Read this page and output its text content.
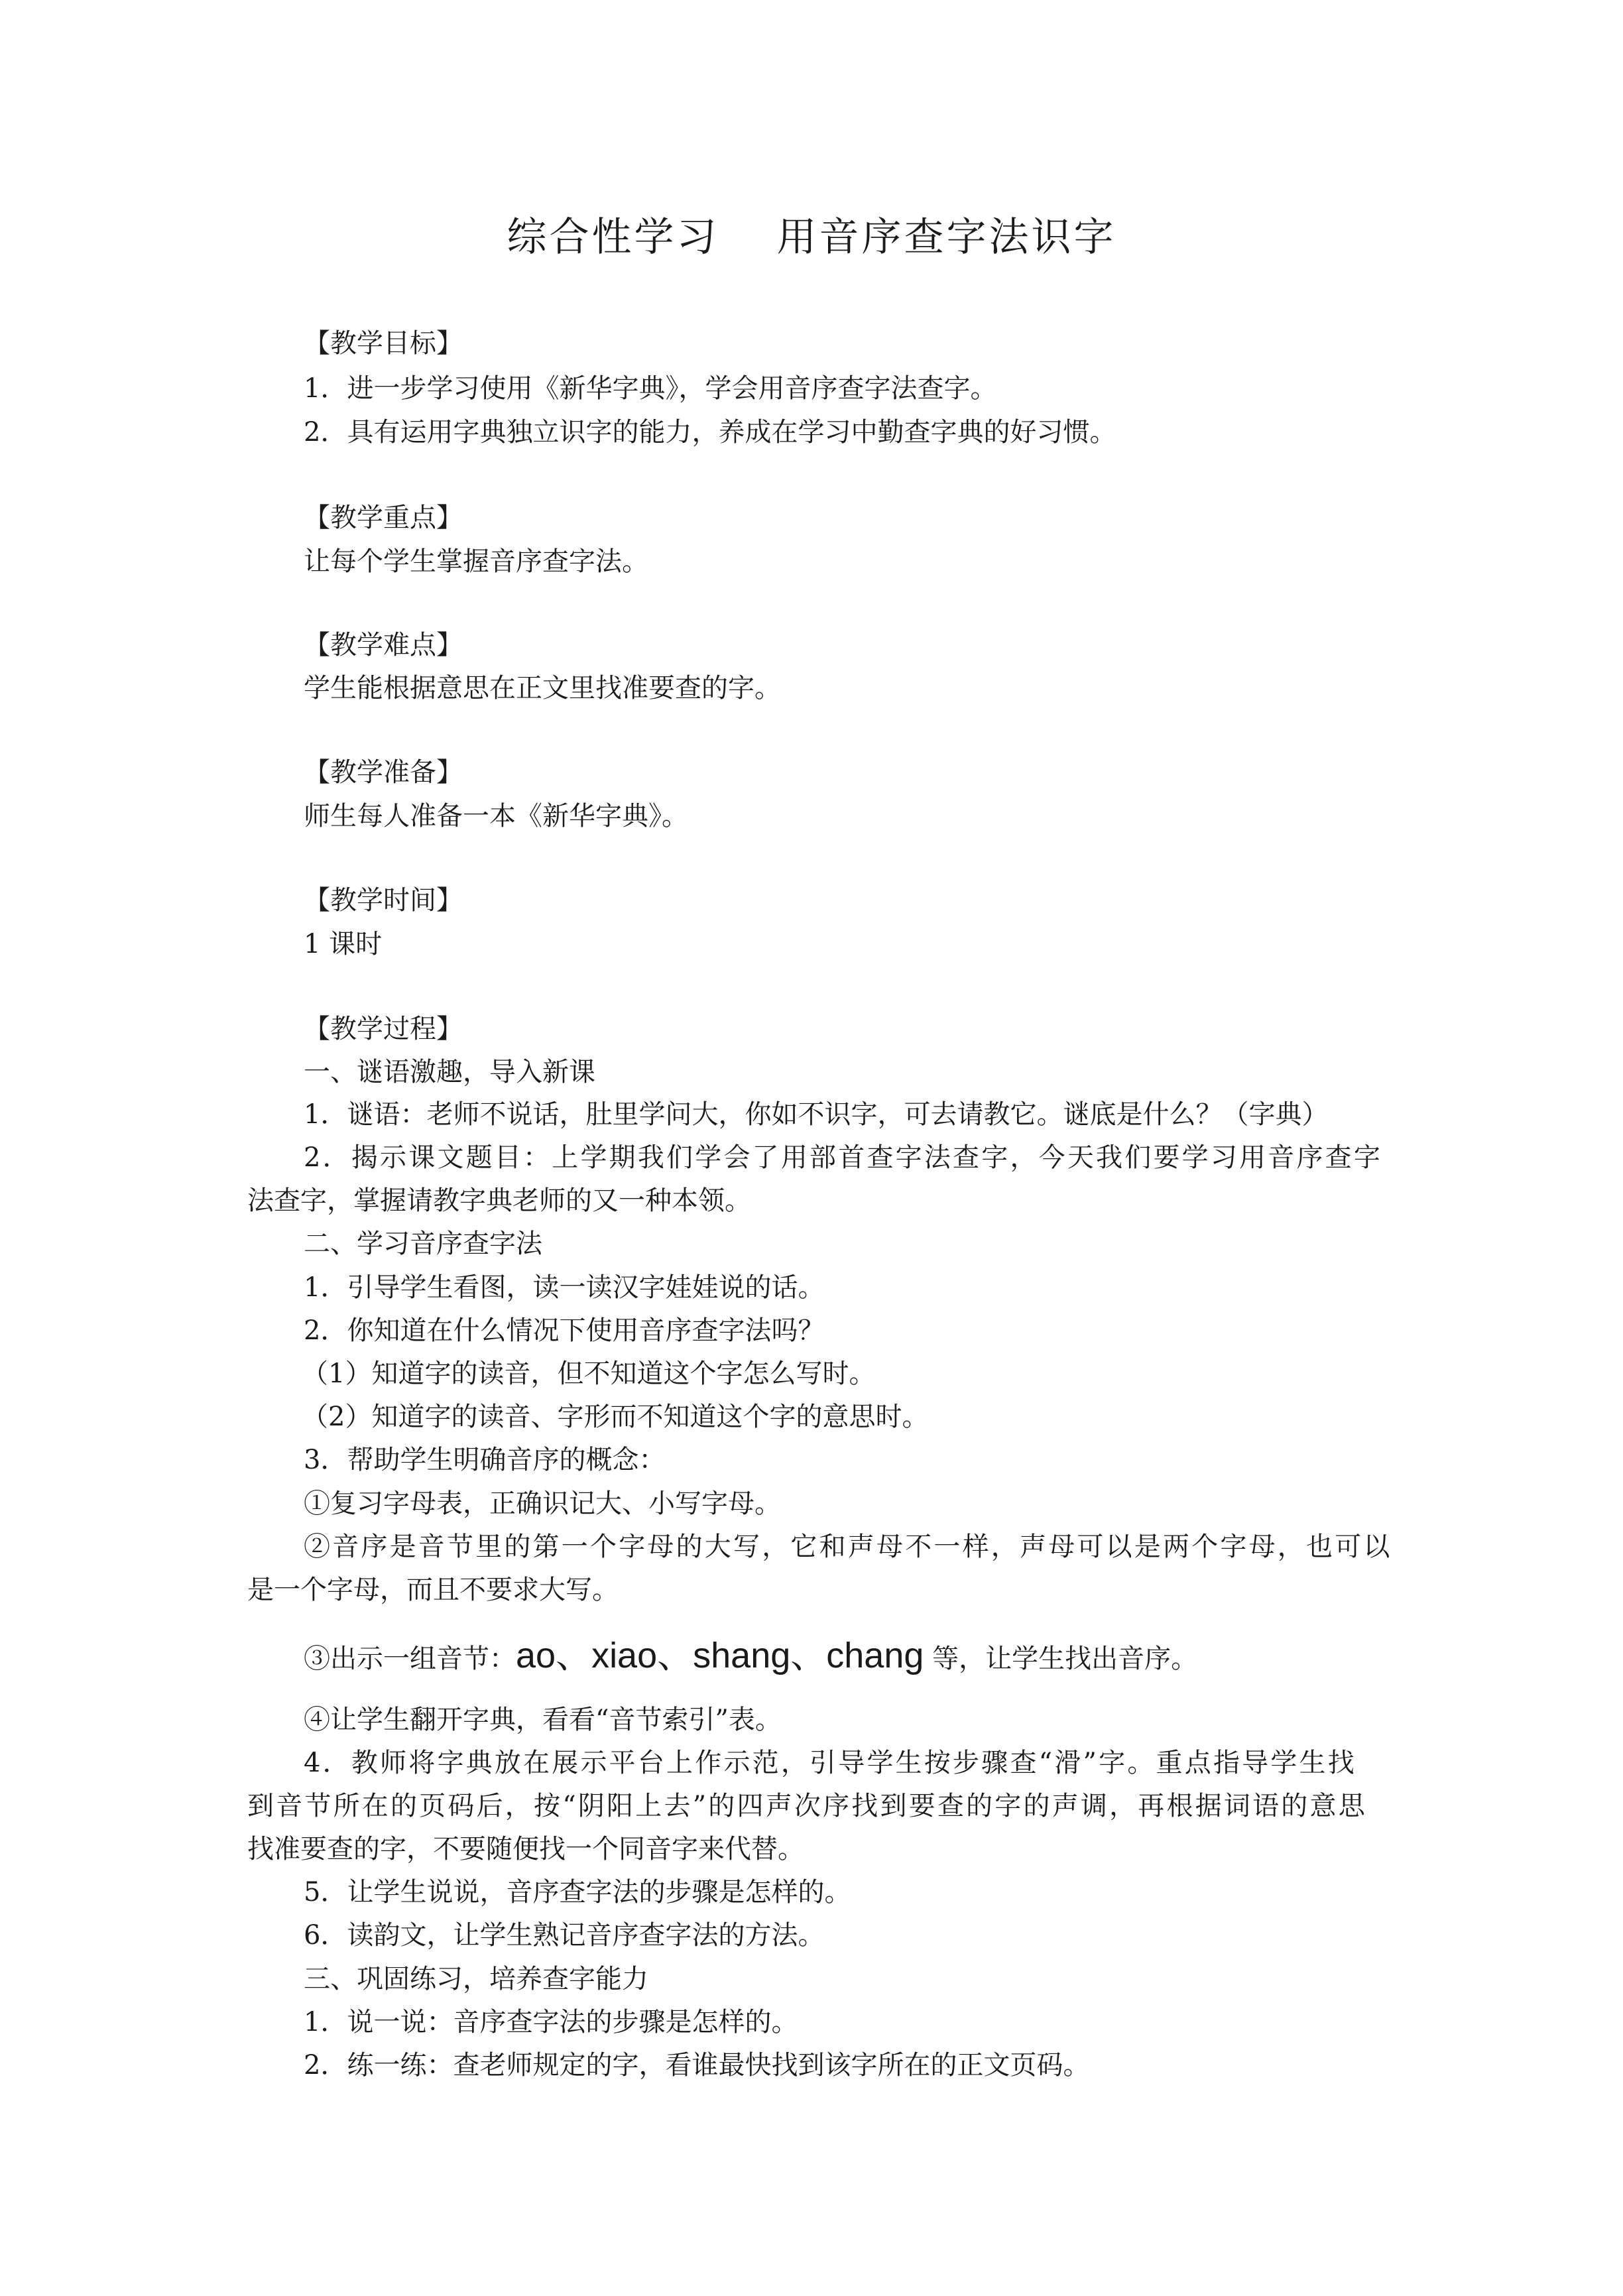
综合性学习　 用音序查字法识字
【教学目标】
1．进一步学习使用《新华字典》，学会用音序查字法查字。
2．具有运用字典独立识字的能力，养成在学习中勤查字典的好习惯。
【教学重点】
让每个学生掌握音序查字法。
【教学难点】
学生能根据意思在正文里找准要查的字。
【教学准备】
师生每人准备一本《新华字典》。
【教学时间】
1 课时
【教学过程】
一、谜语激趣，导入新课
1．谜语：老师不说话，肚里学问大，你如不识字，可去请教它。谜底是什么？（字典）
2．揭示课文题目：上学期我们学会了用部首查字法查字，今天我们要学习用音序查字
法查字，掌握请教字典老师的又一种本领。
二、学习音序查字法
1．引导学生看图，读一读汉字娃娃说的话。
2．你知道在什么情况下使用音序查字法吗？
（1）知道字的读音，但不知道这个字怎么写时。
（2）知道字的读音、字形而不知道这个字的意思时。
3．帮助学生明确音序的概念：
①复习字母表，正确识记大、小写字母。
②音序是音节里的第一个字母的大写，它和声母不一样，声母可以是两个字母，也可以
是一个字母，而且不要求大写。
③出示一组音节：ao、xiao、shang、chang 等，让学生找出音序。
④让学生翻开字典，看看“音节索引”表。
4．教师将字典放在展示平台上作示范，引导学生按步骤查“滑”字。重点指导学生找
到音节所在的页码后，按“阴阳上去”的四声次序找到要查的字的声调，再根据词语的意思
找准要查的字，不要随便找一个同音字来代替。
5．让学生说说，音序查字法的步骤是怎样的。
6．读韵文，让学生熟记音序查字法的方法。
三、巩固练习，培养查字能力
1．说一说：音序查字法的步骤是怎样的。
2．练一练：查老师规定的字，看谁最快找到该字所在的正文页码。
